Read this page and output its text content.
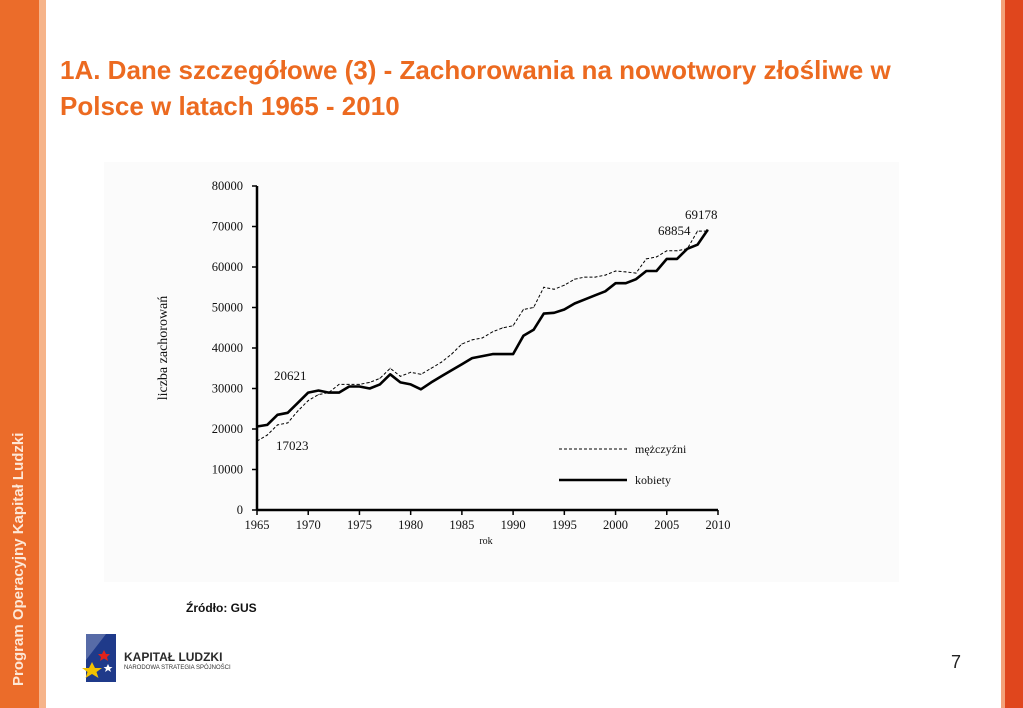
Program Operacyjny Kapitał Ludzki
1A. Dane szczegółowe (3) - Zachorowania na nowotwory złośliwe w Polsce w latach 1965 - 2010
0
10000
20000
30000
40000
50000
60000
70000
80000
1965 1970 1975 1980 1985 1990 1995 2000 2005 2010
rok
liczba zachorowań	20621
17023
68854
69178
mężczyźni
kobiety
Źródło: GUS
KAPITAŁ LUDZKI
NARODOWA STRATEGIA SPÓJNOŚCI	7
